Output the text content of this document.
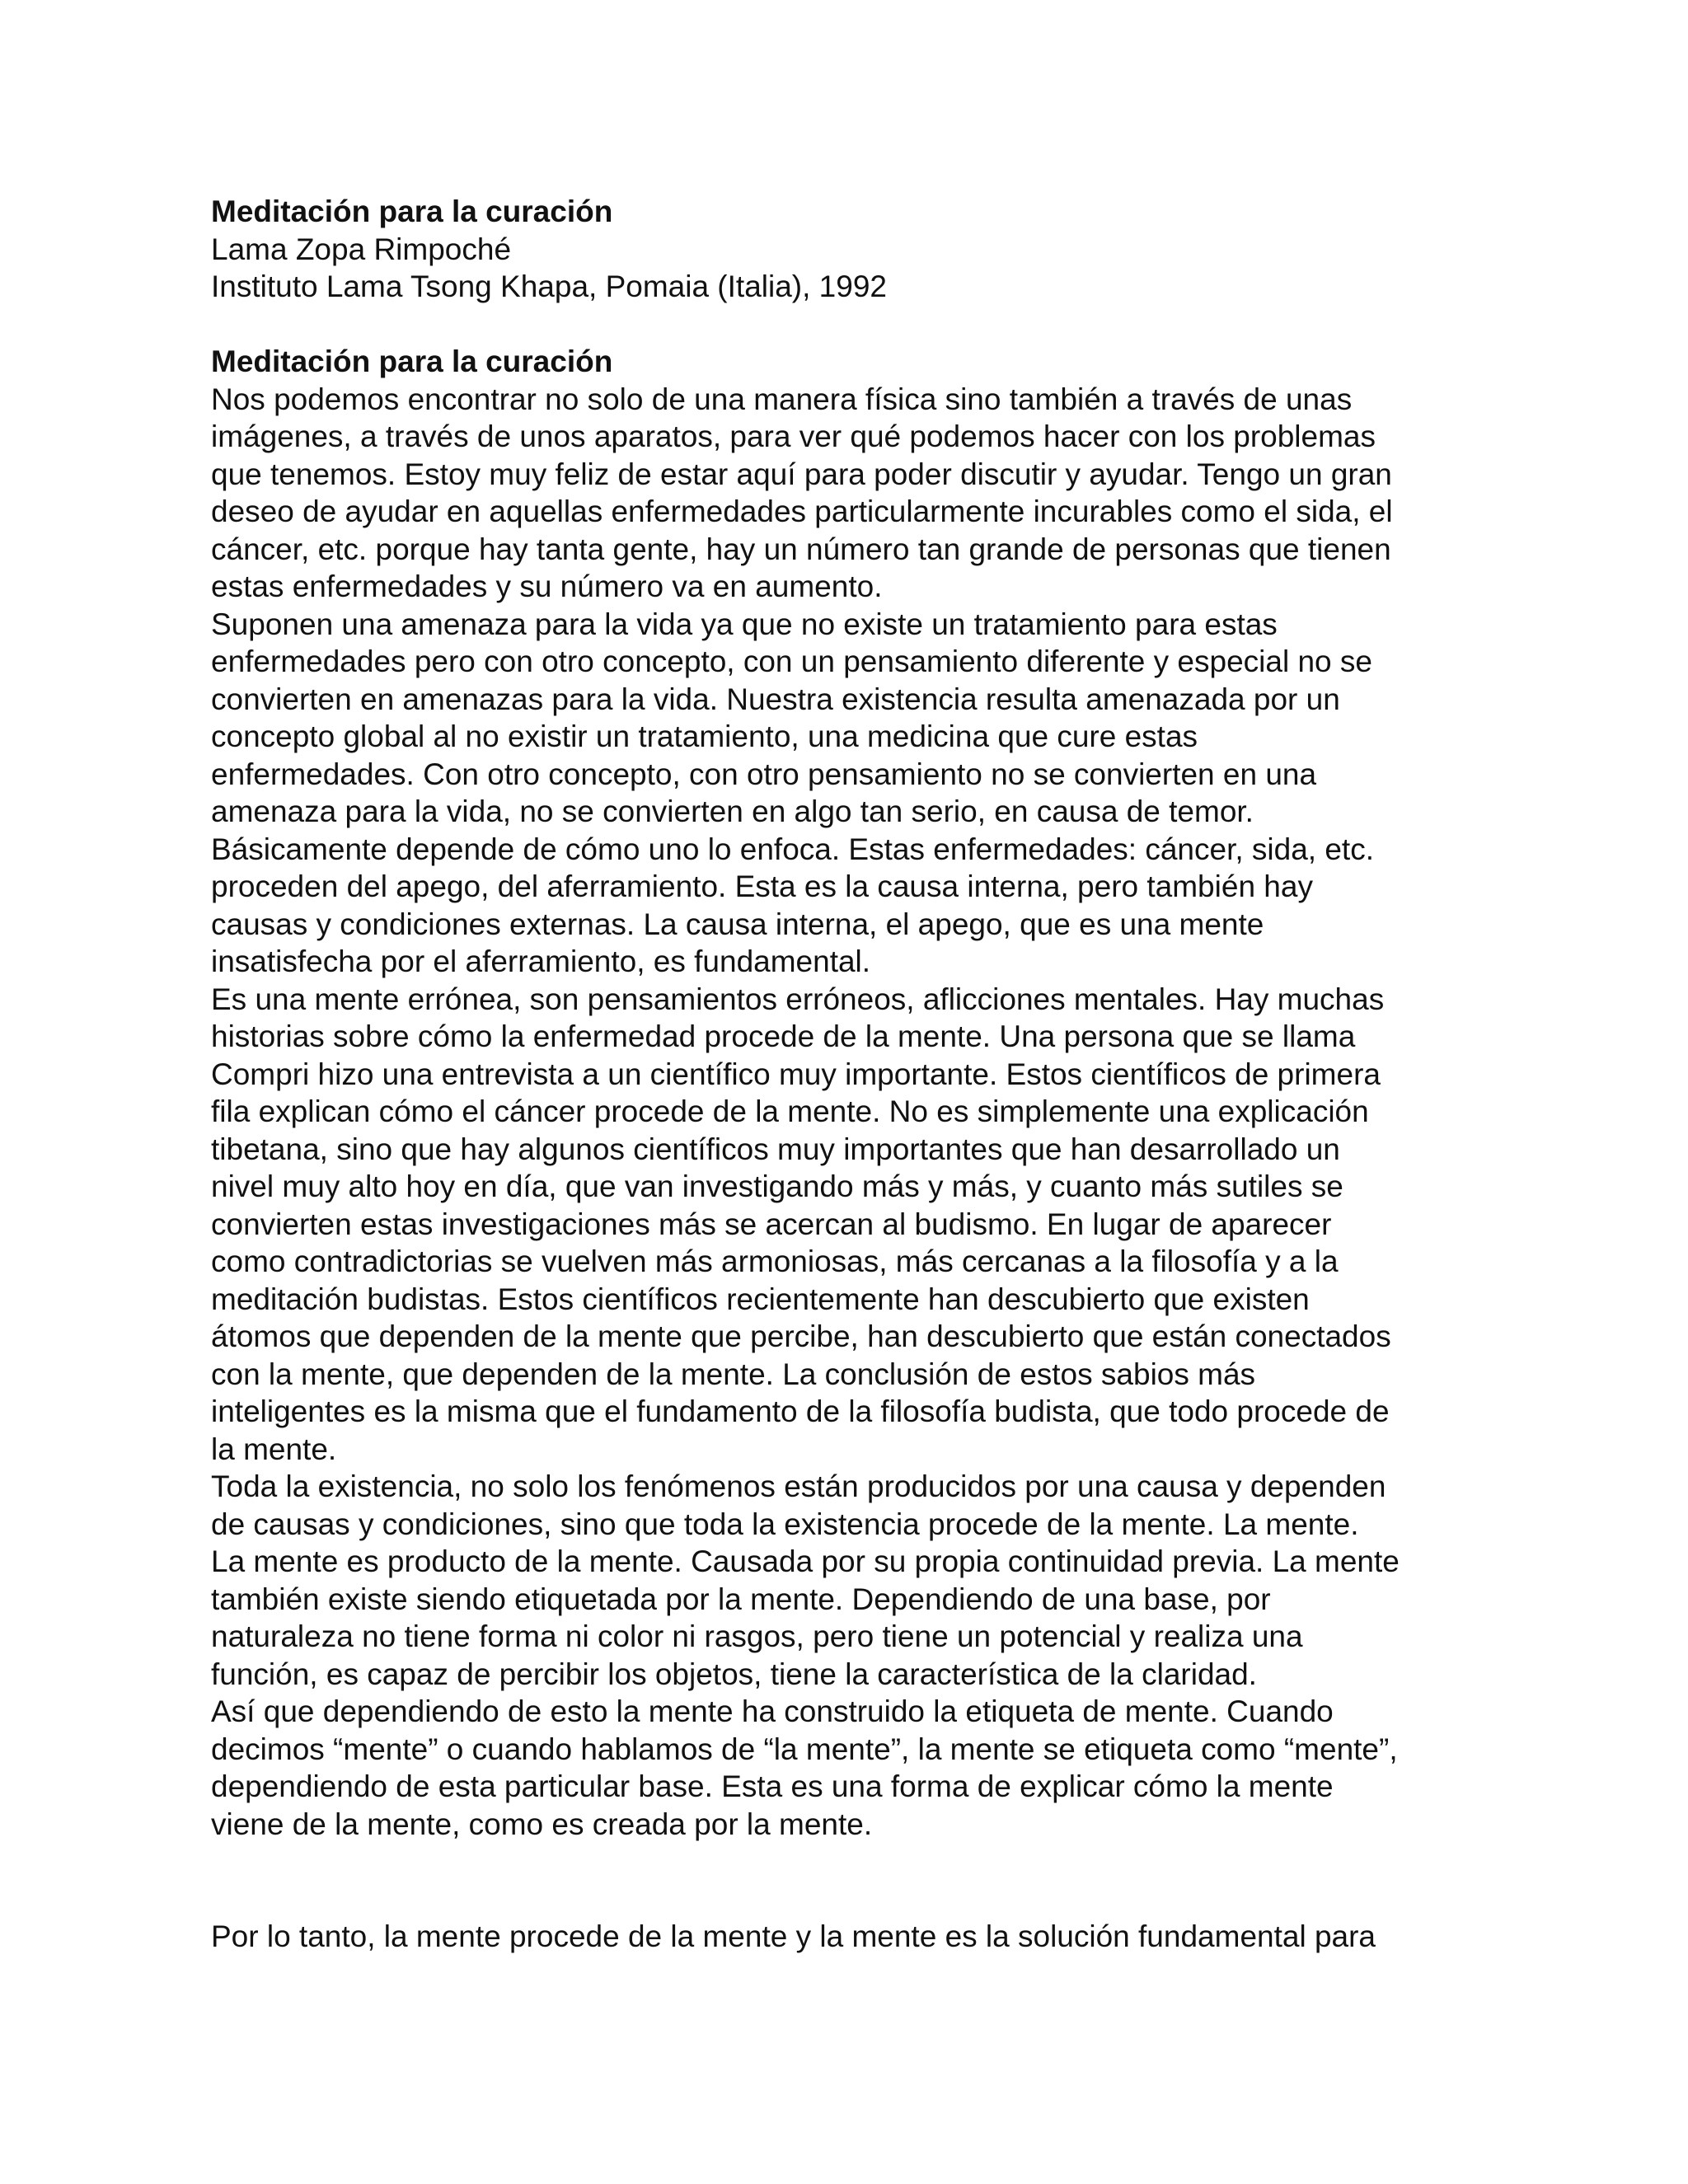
Meditación para la curación
Lama Zopa Rimpoché
Instituto Lama Tsong Khapa, Pomaia (Italia), 1992
Meditación para la curación
Nos podemos encontrar no solo de una manera física sino también a través de unas
imágenes, a través de unos aparatos, para ver qué podemos hacer con los problemas
que tenemos. Estoy muy feliz de estar aquí para poder discutir y ayudar. Tengo un gran
deseo de ayudar en aquellas enfermedades particularmente incurables como el sida, el
cáncer, etc. porque hay tanta gente, hay un número tan grande de personas que tienen
estas enfermedades y su número va en aumento.
Suponen una amenaza para la vida ya que no existe un tratamiento para estas
enfermedades pero con otro concepto, con un pensamiento diferente y especial no se
convierten en amenazas para la vida. Nuestra existencia resulta amenazada por un
concepto global al no existir un tratamiento, una medicina que cure estas
enfermedades. Con otro concepto, con otro pensamiento no se convierten en una
amenaza para la vida, no se convierten en algo tan serio, en causa de temor.
Básicamente depende de cómo uno lo enfoca. Estas enfermedades: cáncer, sida, etc.
proceden del apego, del aferramiento. Esta es la causa interna, pero también hay
causas y condiciones externas. La causa interna, el apego, que es una mente
insatisfecha por el aferramiento, es fundamental.
Es una mente errónea, son pensamientos erróneos, aflicciones mentales. Hay muchas
historias sobre cómo la enfermedad procede de la mente. Una persona que se llama
Compri hizo una entrevista a un científico muy importante. Estos científicos de primera
fila explican cómo el cáncer procede de la mente. No es simplemente una explicación
tibetana, sino que hay algunos científicos muy importantes que han desarrollado un
nivel muy alto hoy en día, que van investigando más y más, y cuanto más sutiles se
convierten estas investigaciones más se acercan al budismo. En lugar de aparecer
como contradictorias se vuelven más armoniosas, más cercanas a la filosofía y a la
meditación budistas. Estos científicos recientemente han descubierto que existen
átomos que dependen de la mente que percibe, han descubierto que están conectados
con la mente, que dependen de la mente. La conclusión de estos sabios más
inteligentes es la misma que el fundamento de la filosofía budista, que todo procede de
la mente.
Toda la existencia, no solo los fenómenos están producidos por una causa y dependen
de causas y condiciones, sino que toda la existencia procede de la mente. La mente.
La mente es producto de la mente. Causada por su propia continuidad previa. La mente
también existe siendo etiquetada por la mente. Dependiendo de una base, por
naturaleza no tiene forma ni color ni rasgos, pero tiene un potencial y realiza una
función, es capaz de percibir los objetos, tiene la característica de la claridad.
Así que dependiendo de esto la mente ha construido la etiqueta de mente. Cuando
decimos “mente” o cuando hablamos de “la mente”, la mente se etiqueta como “mente”,
dependiendo de esta particular base. Esta es una forma de explicar cómo la mente
viene de la mente, como es creada por la mente.
Por lo tanto, la mente procede de la mente y la mente es la solución fundamental para
